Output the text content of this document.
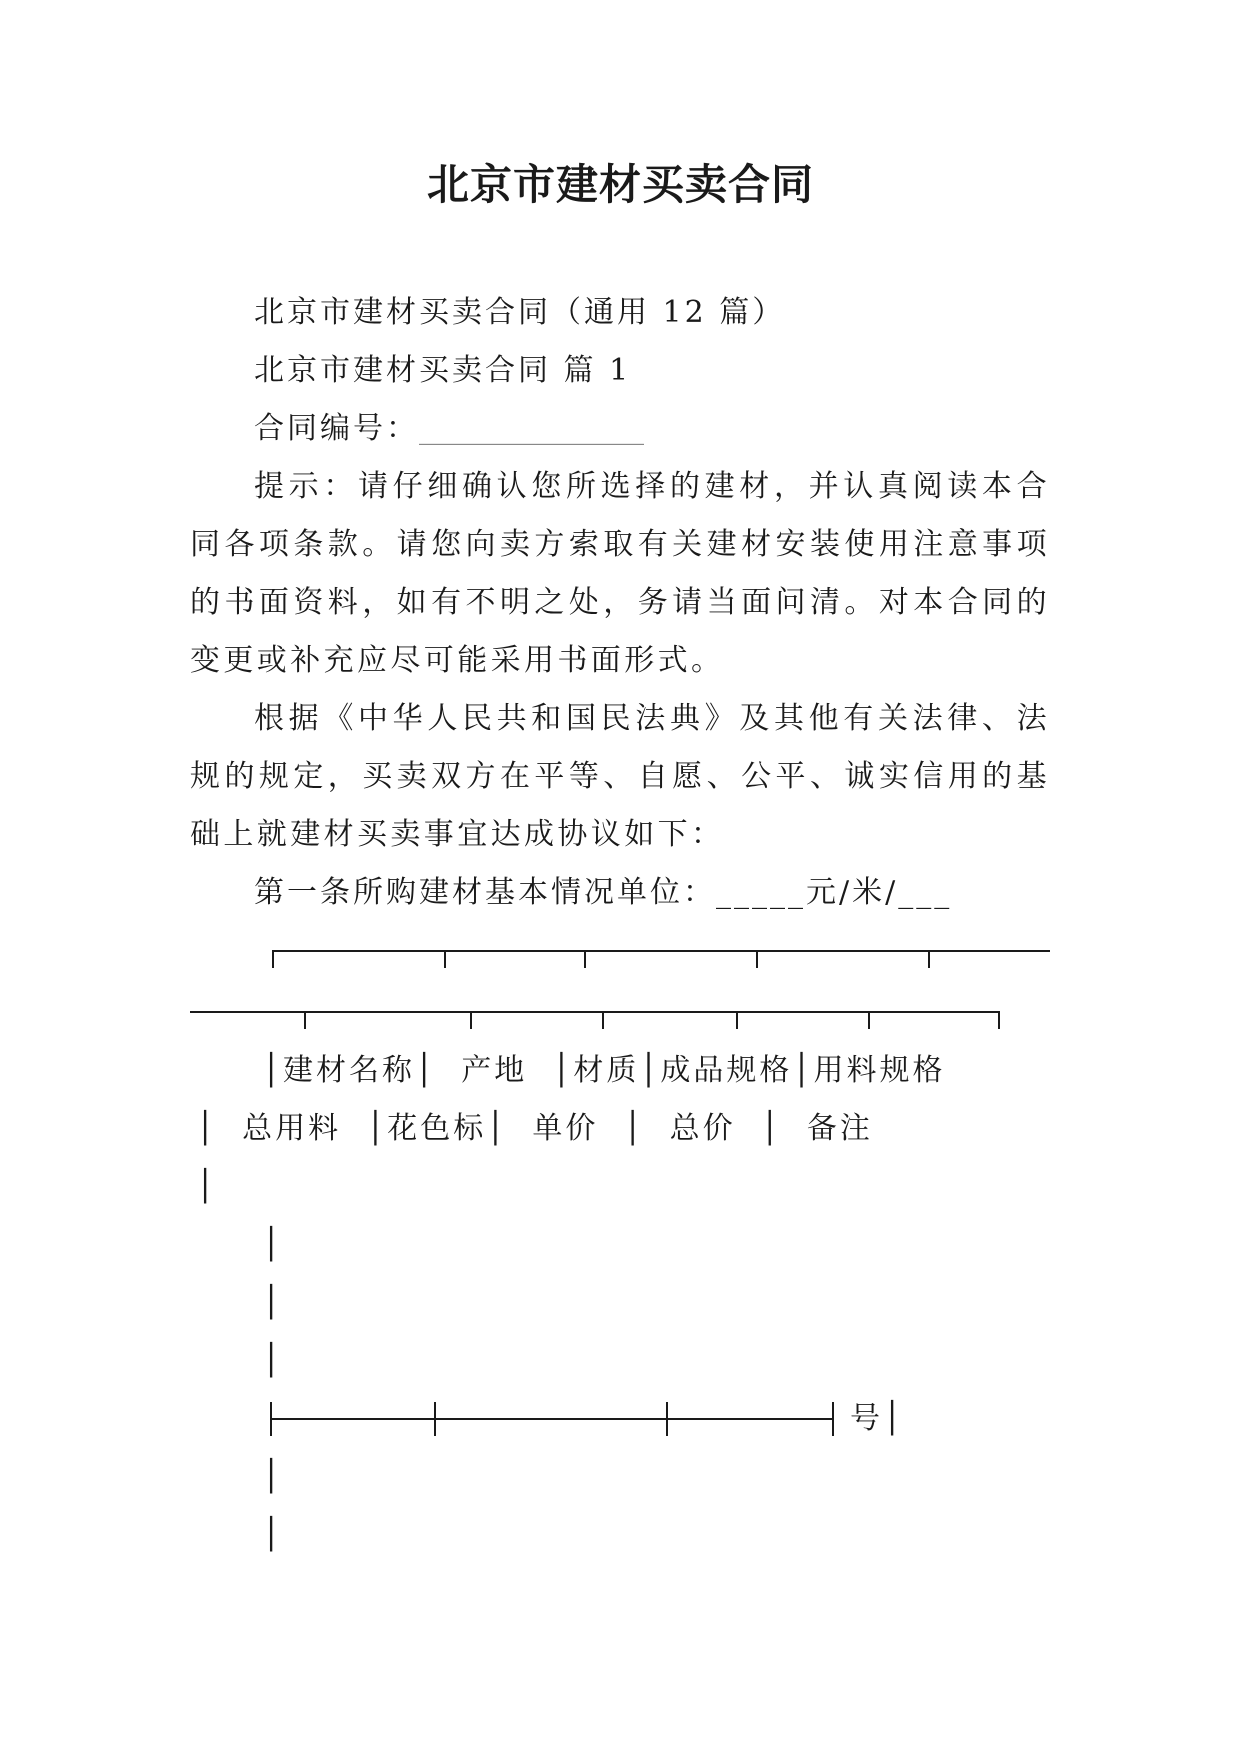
北京市建材买卖合同
北京市建材买卖合同（通用 12 篇）
北京市建材买卖合同 篇 1
合同编号：_______________

提示：请仔细确认您所选择的建材，并认真阅读本合同各项条款。请您向卖方索取有关建材安装使用注意事项的书面资料，如有不明之处，务请当面问清。对本合同的变更或补充应尽可能采用书面形式。

根据《中华人民共和国民法典》及其他有关法律、法规的规定，买卖双方在平等、自愿、公平、诚实信用的基础上就建材买卖事宜达成协议如下：

第一条所购建材基本情况单位：_____元/米/___
│建材名称│  产地  │材质│成品规格│用料规格
│  总用料  │花色标│  单价  │  总价  │  备注
│
│
│
│
号│
│
│
